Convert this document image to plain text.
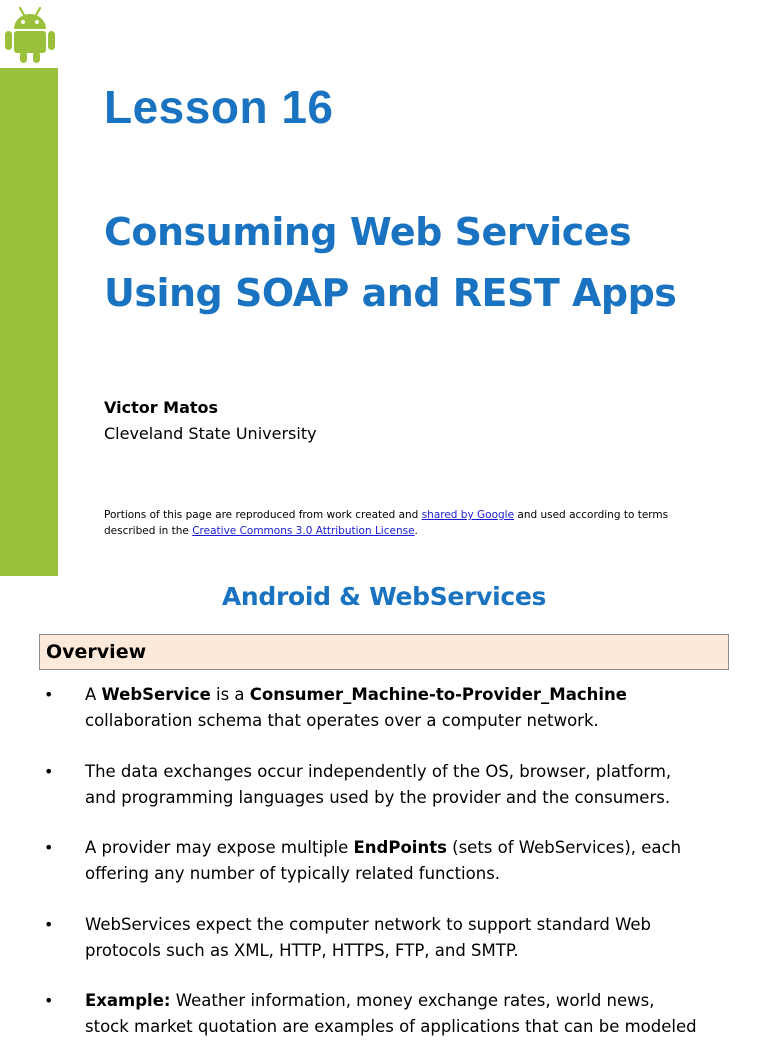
Lesson 16
Consuming Web Services
Using SOAP and REST Apps
Victor Matos
Cleveland State University
Portions of this page are reproduced from work created and shared by Google and used according to terms
described in the Creative Commons 3.0 Attribution License.
Android & WebServices
Overview
• A WebService is a Consumer_Machine-to-Provider_Machine
collaboration schema that operates over a computer network.
• The data exchanges occur independently of the OS, browser, platform,
and programming languages used by the provider and the consumers.
• A provider may expose multiple EndPoints (sets of WebServices), each
offering any number of typically related functions.
• WebServices expect the computer network to support standard Web
protocols such as XML, HTTP, HTTPS, FTP, and SMTP.
• Example: Weather information, money exchange rates, world news,
stock market quotation are examples of applications that can be modeled
